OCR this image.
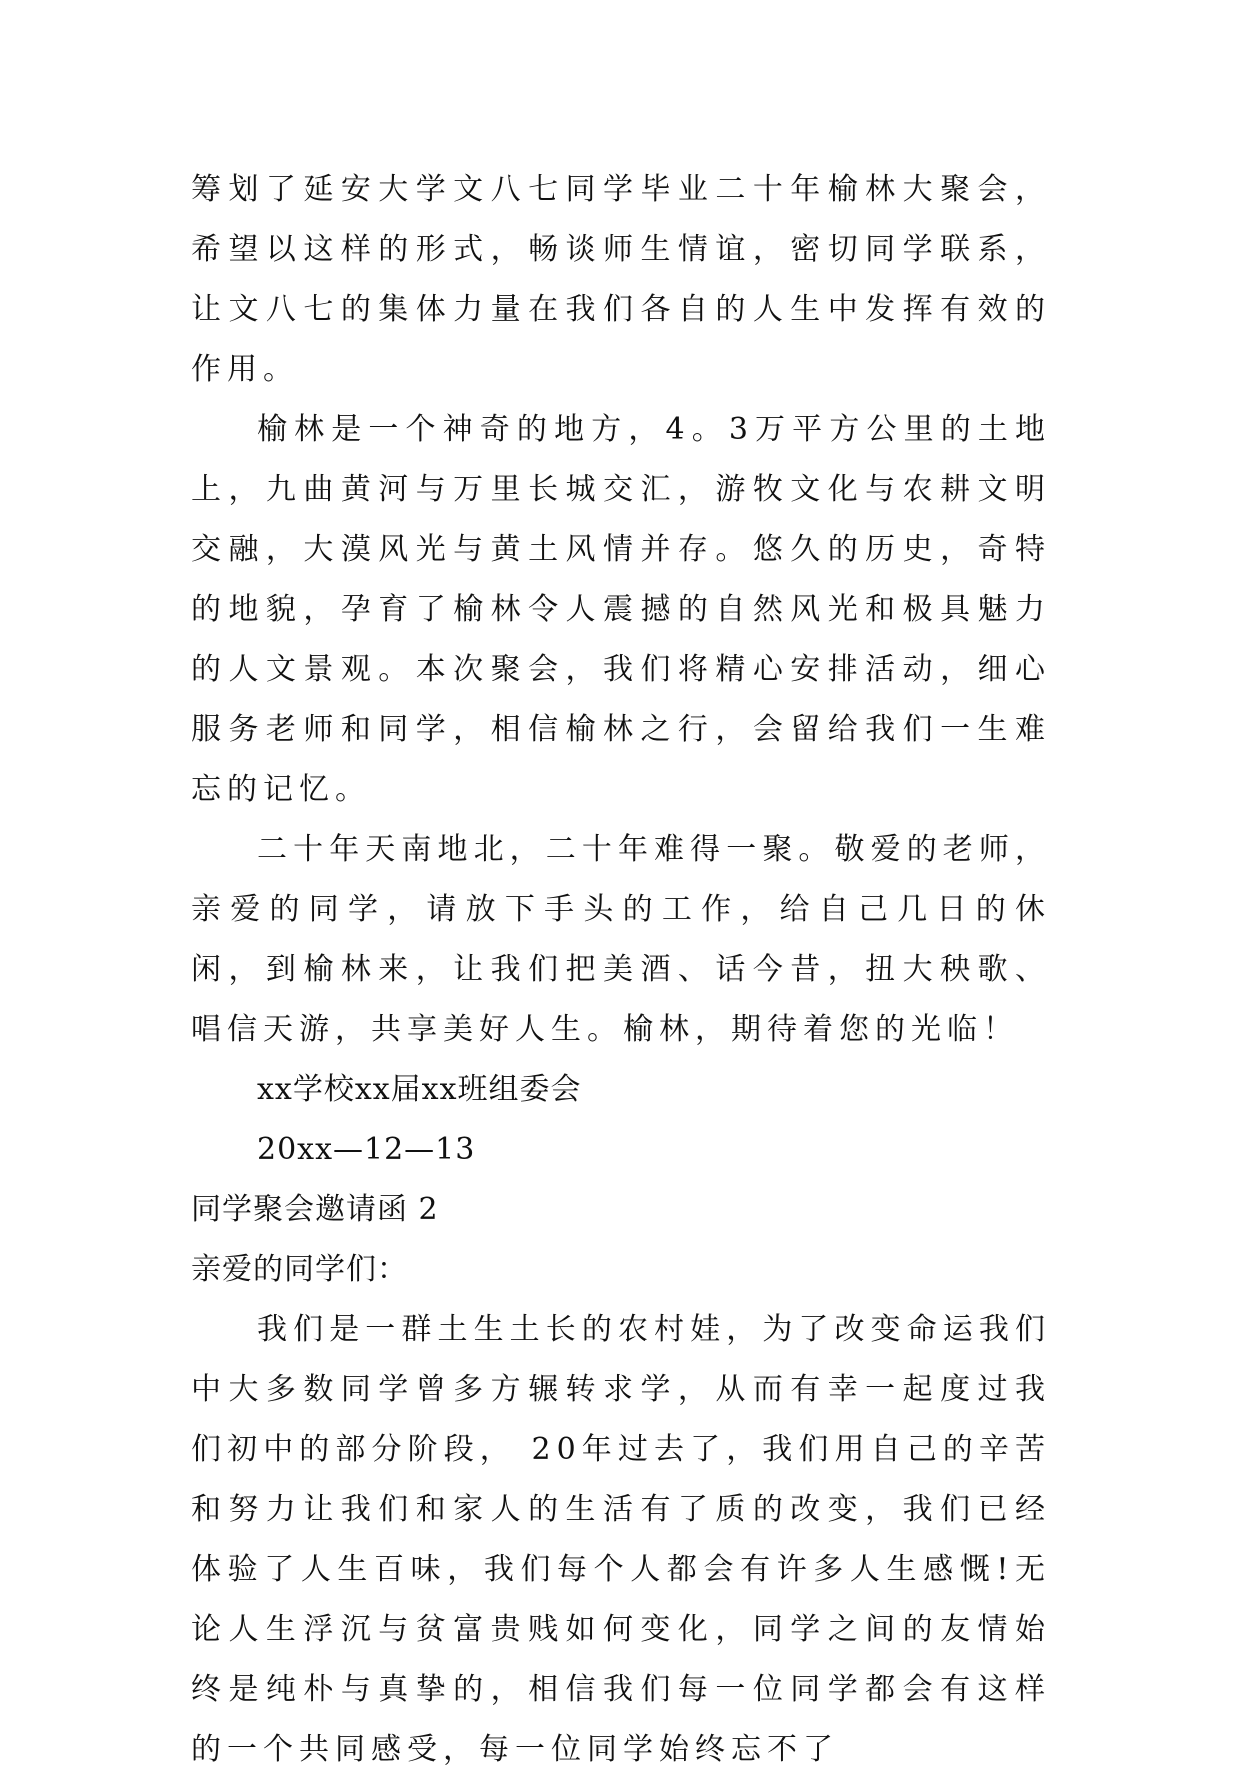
筹划了延安大学文八七同学毕业二十年榆林大聚会，希望以这样的形式，畅谈师生情谊，密切同学联系，让文八七的集体力量在我们各自的人生中发挥有效的作用。

榆林是一个神奇的地方，4。3万平方公里的土地上，九曲黄河与万里长城交汇，游牧文化与农耕文明交融，大漠风光与黄土风情并存。悠久的历史，奇特的地貌，孕育了榆林令人震撼的自然风光和极具魅力的人文景观。本次聚会，我们将精心安排活动，细心服务老师和同学，相信榆林之行，会留给我们一生难忘的记忆。

二十年天南地北，二十年难得一聚。敬爱的老师，亲爱的同学，请放下手头的工作，给自己几日的休闲，到榆林来，让我们把美酒、话今昔，扭大秧歌、唱信天游，共享美好人生。榆林，期待着您的光临！

xx学校xx届xx班组委会

20xx—12—13

同学聚会邀请函 2

亲爱的同学们：

我们是一群土生土长的农村娃，为了改变命运我们中大多数同学曾多方辗转求学，从而有幸一起度过我们初中的部分阶段， 20年过去了，我们用自己的辛苦和努力让我们和家人的生活有了质的改变，我们已经体验了人生百味，我们每个人都会有许多人生感慨!无论人生浮沉与贫富贵贱如何变化，同学之间的友情始终是纯朴与真挚的，相信我们每一位同学都会有这样的一个共同感受，每一位同学始终忘不了
